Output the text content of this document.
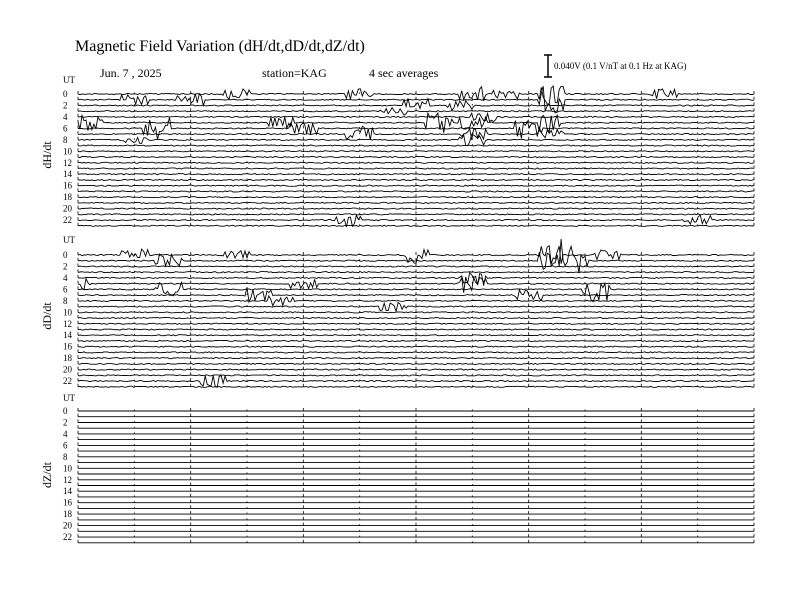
Magnetic Field Variation (dH/dt,dD/dt,dZ/dt)
Jun. 7 , 2025	station=KAG	4 sec averages	0.040V (0.1 V/nT at 0.1 Hz at KAG)
UT
dH/dt
0
2
4
6
8
10
12
14
16
18
20
22
UT
dD/dt
0
2
4
6
8
10
12
14
16
18
20
22
UT
dZ/dt
0
2
4
6
8
10
12
14
16
18
20
22
